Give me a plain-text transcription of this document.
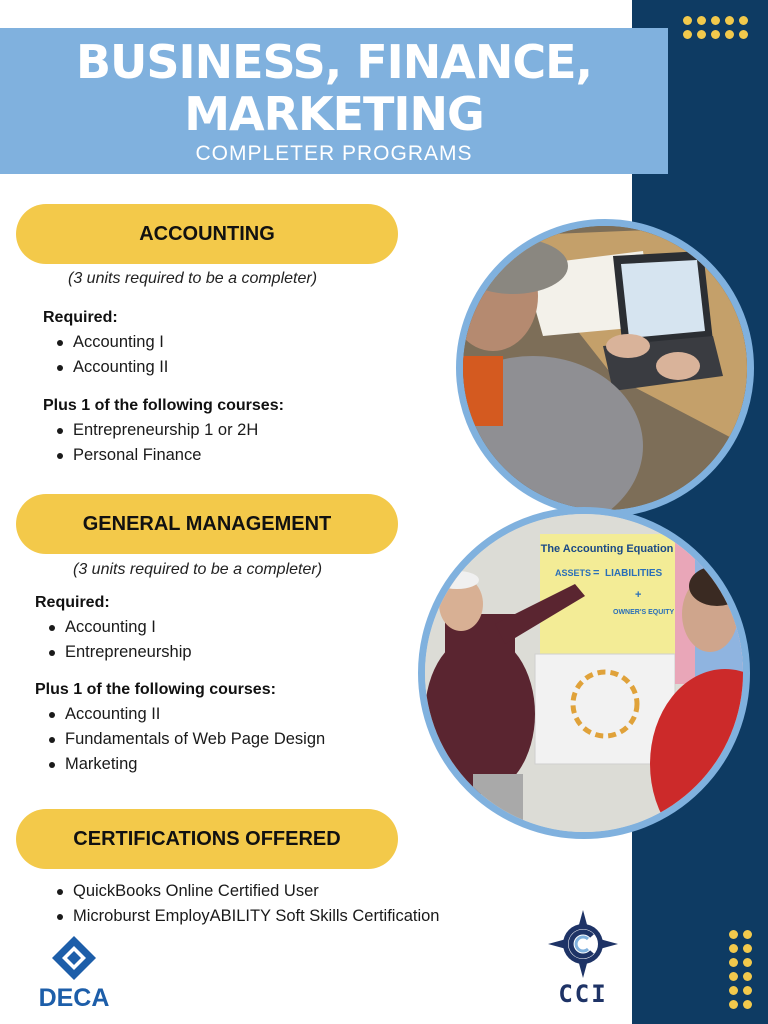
BUSINESS, FINANCE,
MARKETING
COMPLETER PROGRAMS
ACCOUNTING
(3 units required to be a completer)
Required:
Accounting I
Accounting II
Plus 1 of the following courses:
Entrepreneurship 1 or 2H
Personal Finance
GENERAL MANAGEMENT
(3 units required to be a completer)
Required:
Accounting I
Entrepreneurship
Plus 1 of the following courses:
Accounting II
Fundamentals of Web Page Design
Marketing
CERTIFICATIONS OFFERED
QuickBooks Online Certified User
Microburst EmployABILITY Soft Skills Certification
The Accounting Equation
ASSETS = LIABILITIES
+
OWNER'S EQUITY
DECA	CCI
